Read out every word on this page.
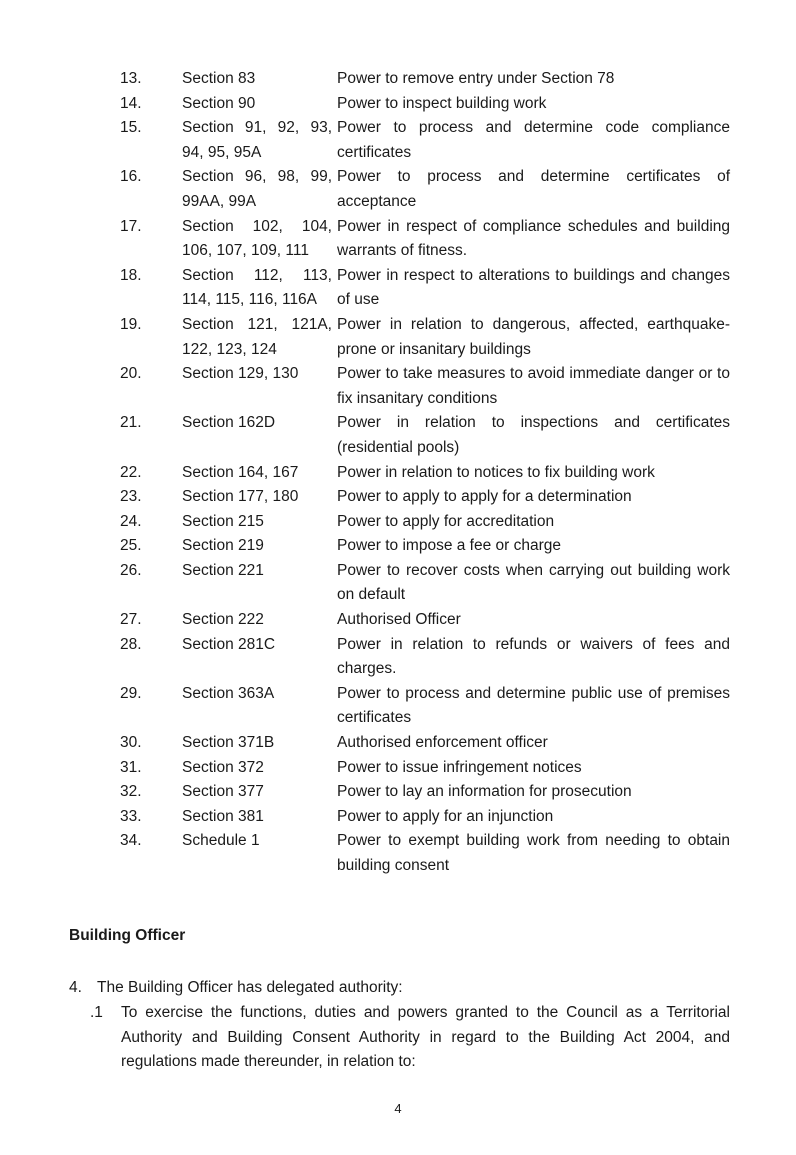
13.	Section 83	Power to remove entry under Section 78
14.	Section 90	Power to inspect building work
15.	Section 91, 92, 93, 94, 95, 95A	Power to process and determine code compliance certificates
16.	Section 96, 98, 99, 99AA, 99A	Power to process and determine certificates of acceptance
17.	Section 102, 104, 106, 107, 109, 111	Power in respect of compliance schedules and building warrants of fitness.
18.	Section 112, 113, 114, 115, 116, 116A	Power in respect to alterations to buildings and changes of use
19.	Section 121, 121A, 122, 123, 124	Power in relation to dangerous, affected, earthquake-prone or insanitary buildings
20.	Section 129, 130	Power to take measures to avoid immediate danger or to fix insanitary conditions
21.	Section 162D	Power in relation to inspections and certificates (residential pools)
22.	Section 164, 167	Power in relation to notices to fix building work
23.	Section 177, 180	Power to apply to apply for a determination
24.	Section 215	Power to apply for accreditation
25.	Section 219	Power to impose a fee or charge
26.	Section 221	Power to recover costs when carrying out building work on default
27.	Section 222	Authorised Officer
28.	Section 281C	Power in relation to refunds or waivers of fees and charges.
29.	Section 363A	Power to process and determine public use of premises certificates
30.	Section 371B	Authorised enforcement officer
31.	Section 372	Power to issue infringement notices
32.	Section 377	Power to lay an information for prosecution
33.	Section 381	Power to apply for an injunction
34.	Schedule 1	Power to exempt building work from needing to obtain building consent
Building Officer
4. The Building Officer has delegated authority:
.1	To exercise the functions, duties and powers granted to the Council as a Territorial Authority and Building Consent Authority in regard to the Building Act 2004, and regulations made thereunder, in relation to:
4
